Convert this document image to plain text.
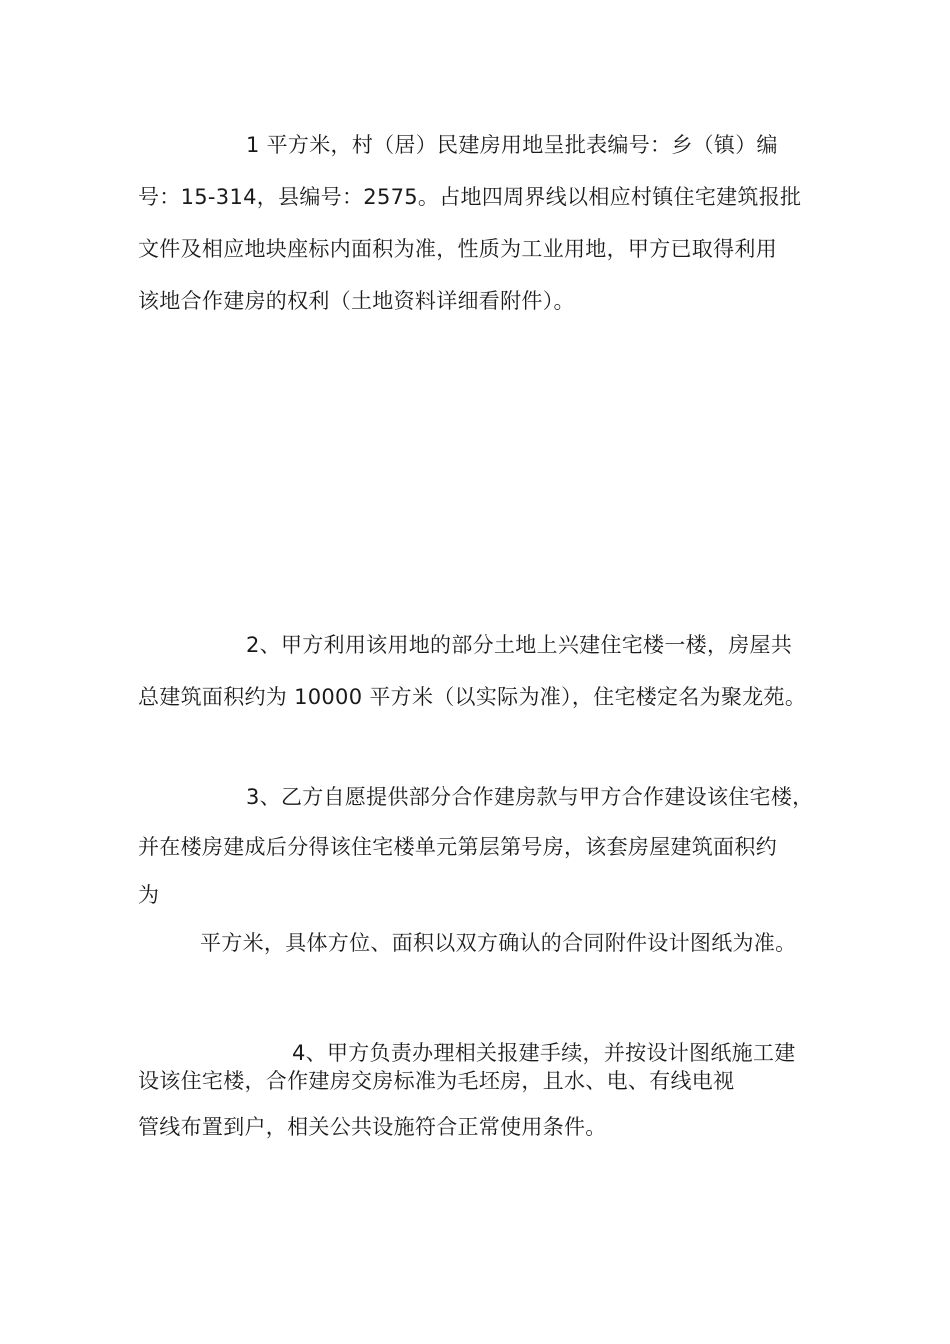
1 平方米，村（居）民建房用地呈批表编号：乡（镇）编
号：15-314，县编号：2575。占地四周界线以相应村镇住宅建筑报批
文件及相应地块座标内面积为准，性质为工业用地，甲方已取得利用
该地合作建房的权利（土地资料详细看附件）。
2、甲方利用该用地的部分土地上兴建住宅楼一楼，房屋共
总建筑面积约为 10000 平方米（以实际为准），住宅楼定名为聚龙苑。
3、乙方自愿提供部分合作建房款与甲方合作建设该住宅楼，
并在楼房建成后分得该住宅楼单元第层第号房，该套房屋建筑面积约
为
平方米，具体方位、面积以双方确认的合同附件设计图纸为准。
4、甲方负责办理相关报建手续，并按设计图纸施工建
设该住宅楼，合作建房交房标准为毛坯房，且水、电、有线电视
管线布置到户，相关公共设施符合正常使用条件。
